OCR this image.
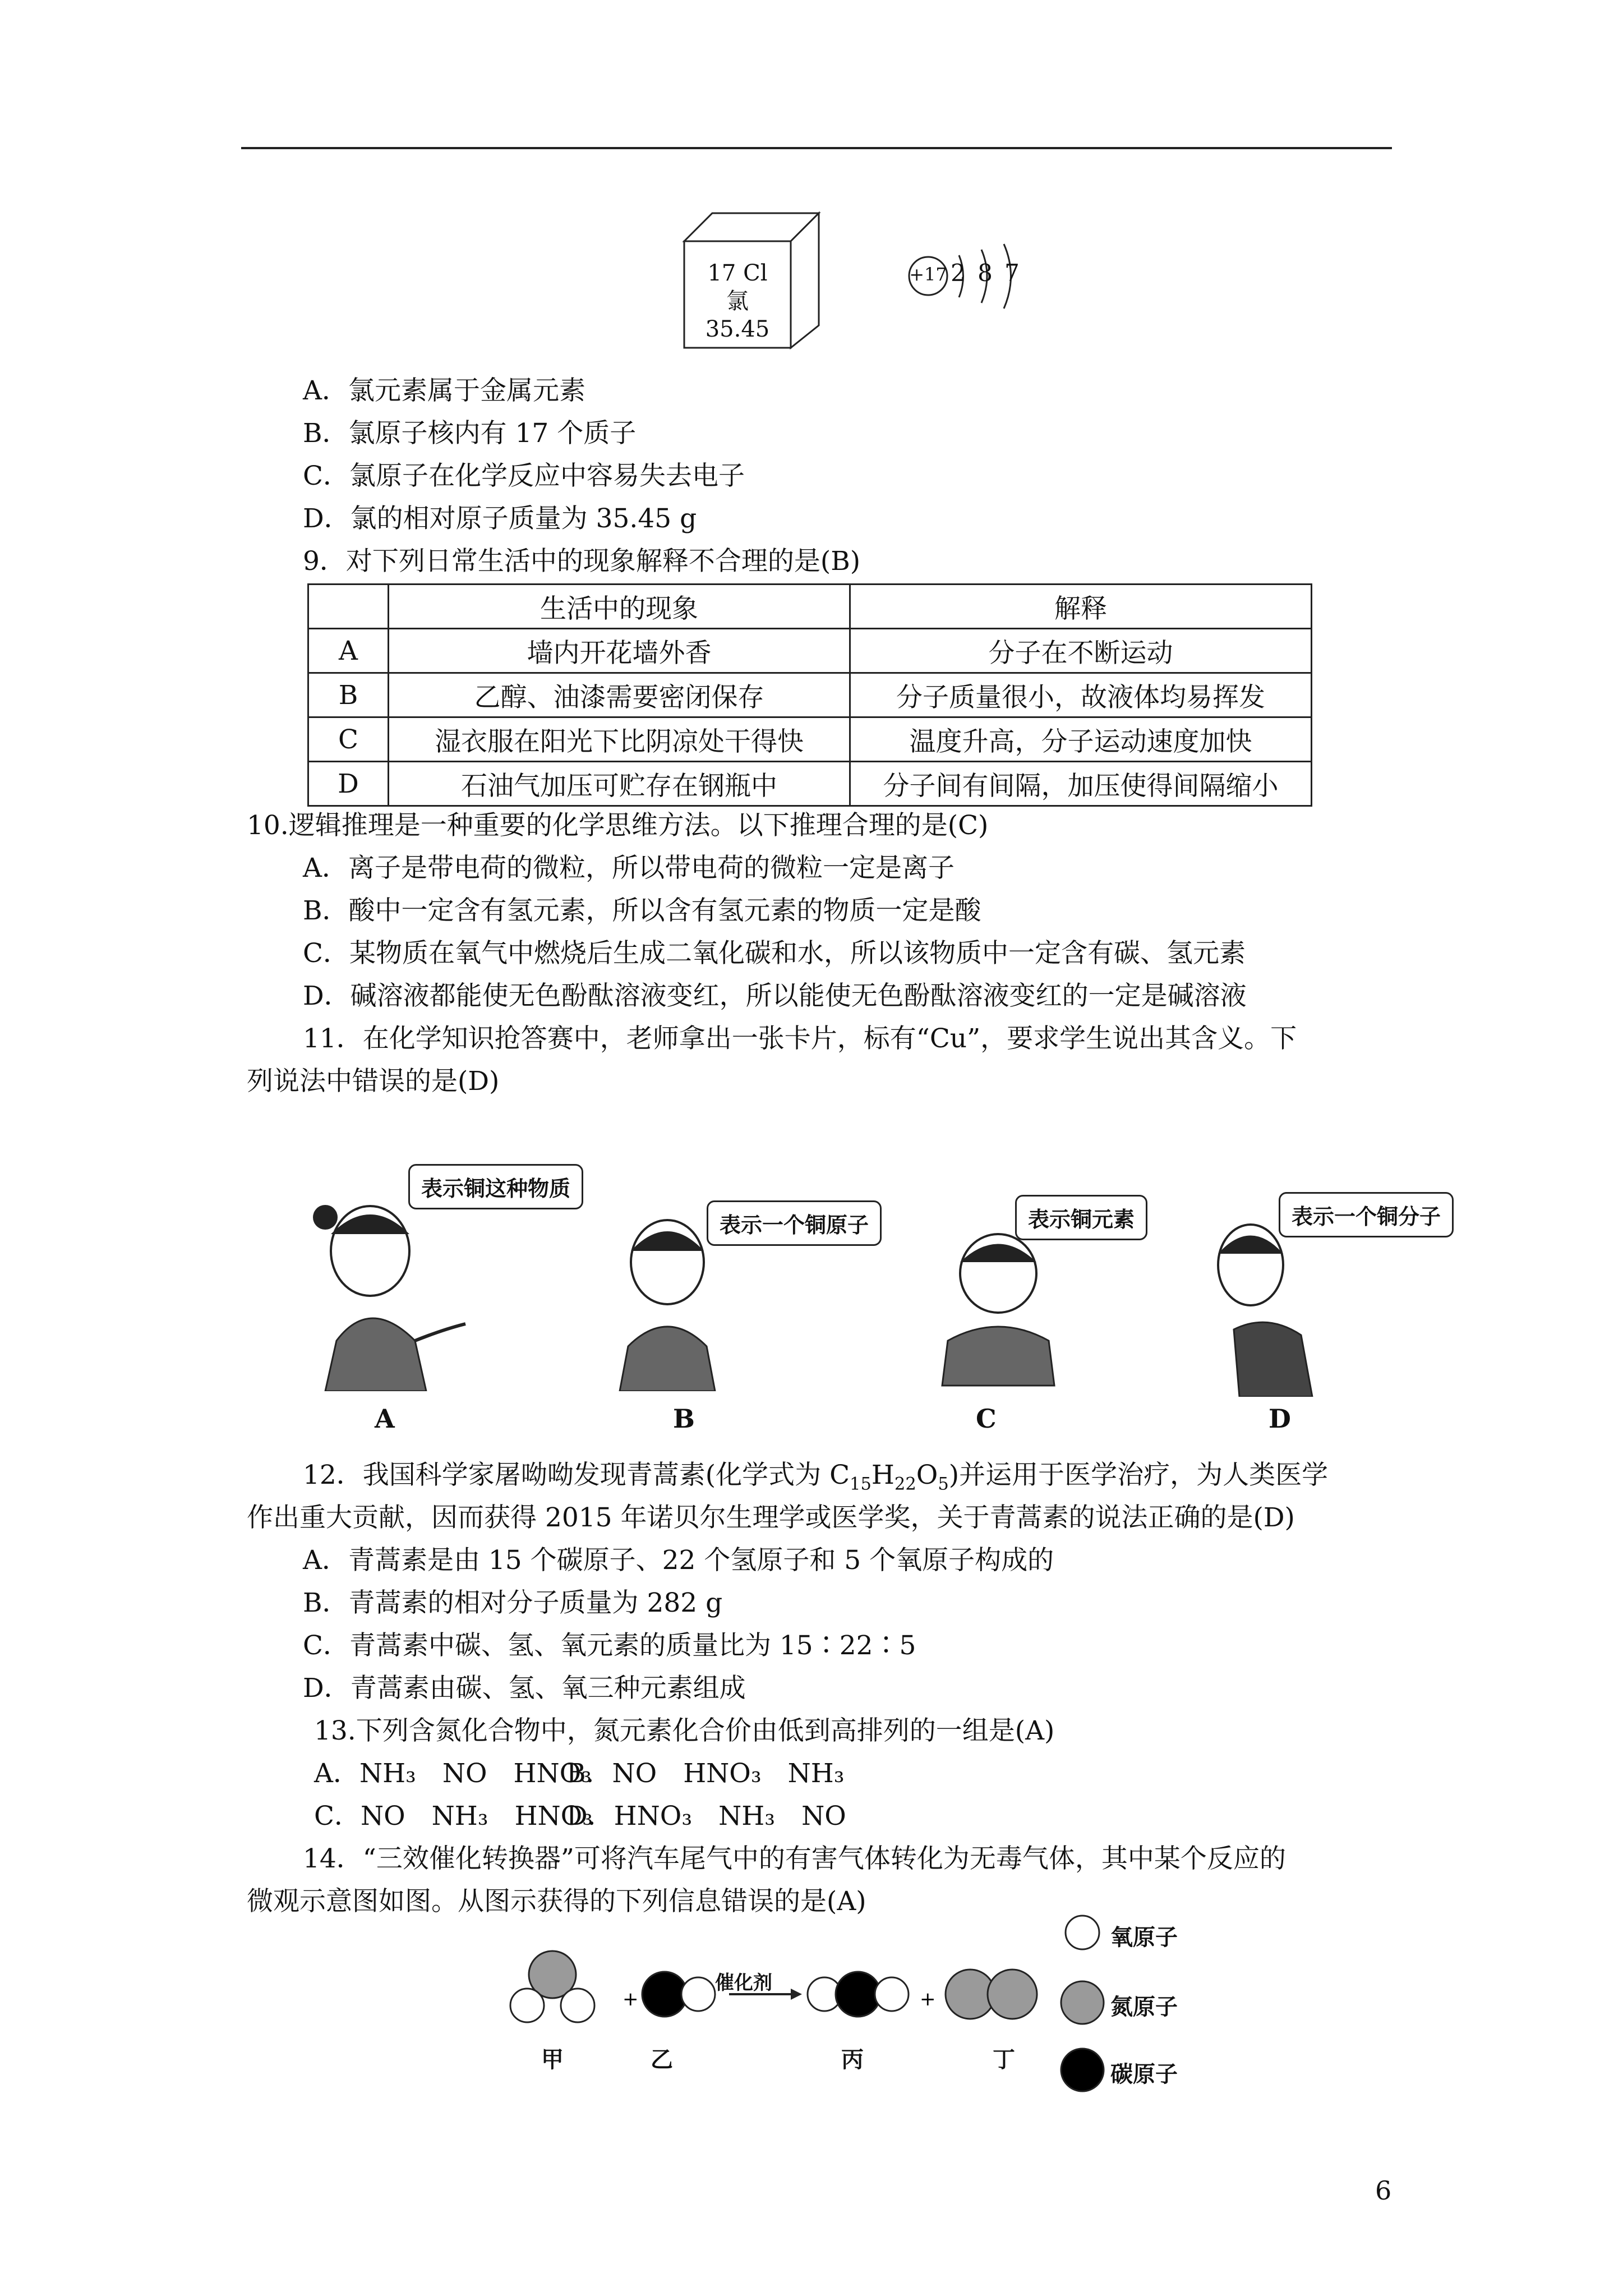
17 Cl
氯
35.45
+17 2 8 7
A．氯元素属于金属元素
B．氯原子核内有 17 个质子
C．氯原子在化学反应中容易失去电子
D．氯的相对原子质量为 35.45 g
9．对下列日常生活中的现象解释不合理的是(B)
	生活中的现象	解释
A	墙内开花墙外香	分子在不断运动
B	乙醇、油漆需要密闭保存	分子质量很小，故液体均易挥发
C	湿衣服在阳光下比阴凉处干得快	温度升高，分子运动速度加快
D	石油气加压可贮存在钢瓶中	分子间有间隔，加压使得间隔缩小
10.逻辑推理是一种重要的化学思维方法。以下推理合理的是(C)
A．离子是带电荷的微粒，所以带电荷的微粒一定是离子
B．酸中一定含有氢元素，所以含有氢元素的物质一定是酸
C．某物质在氧气中燃烧后生成二氧化碳和水，所以该物质中一定含有碳、氢元素
D．碱溶液都能使无色酚酞溶液变红，所以能使无色酚酞溶液变红的一定是碱溶液
11．在化学知识抢答赛中，老师拿出一张卡片，标有“Cu”，要求学生说出其含义。下
列说法中错误的是(D)
表示铜这种物质
表示一个铜原子	表示铜元素	表示一个铜分子
A	B	C	D
12．我国科学家屠呦呦发现青蒿素(化学式为 $C_{15}H_{22}O_5$)并运用于医学治疗，为人类医学
作出重大贡献，因而获得 2015 年诺贝尔生理学或医学奖，关于青蒿素的说法正确的是(D)
A．青蒿素是由 15 个碳原子、22 个氢原子和 5 个氧原子构成的
B．青蒿素的相对分子质量为 282 g
C．青蒿素中碳、氢、氧元素的质量比为 15∶22∶5
D．青蒿素由碳、氢、氧三种元素组成
13.下列含氮化合物中，氮元素化合价由低到高排列的一组是(A)
A．NH₃　NO　HNO₃
B．NO　HNO₃　NH₃
C．NO　NH₃　HNO₃
D．HNO₃　NH₃　NO
14．“三效催化转换器”可将汽车尾气中的有害气体转化为无毒气体，其中某个反应的
微观示意图如图。从图示获得的下列信息错误的是(A)
+	+
催化剂
甲	乙	丙	丁
氧原子
氮原子
碳原子
6
